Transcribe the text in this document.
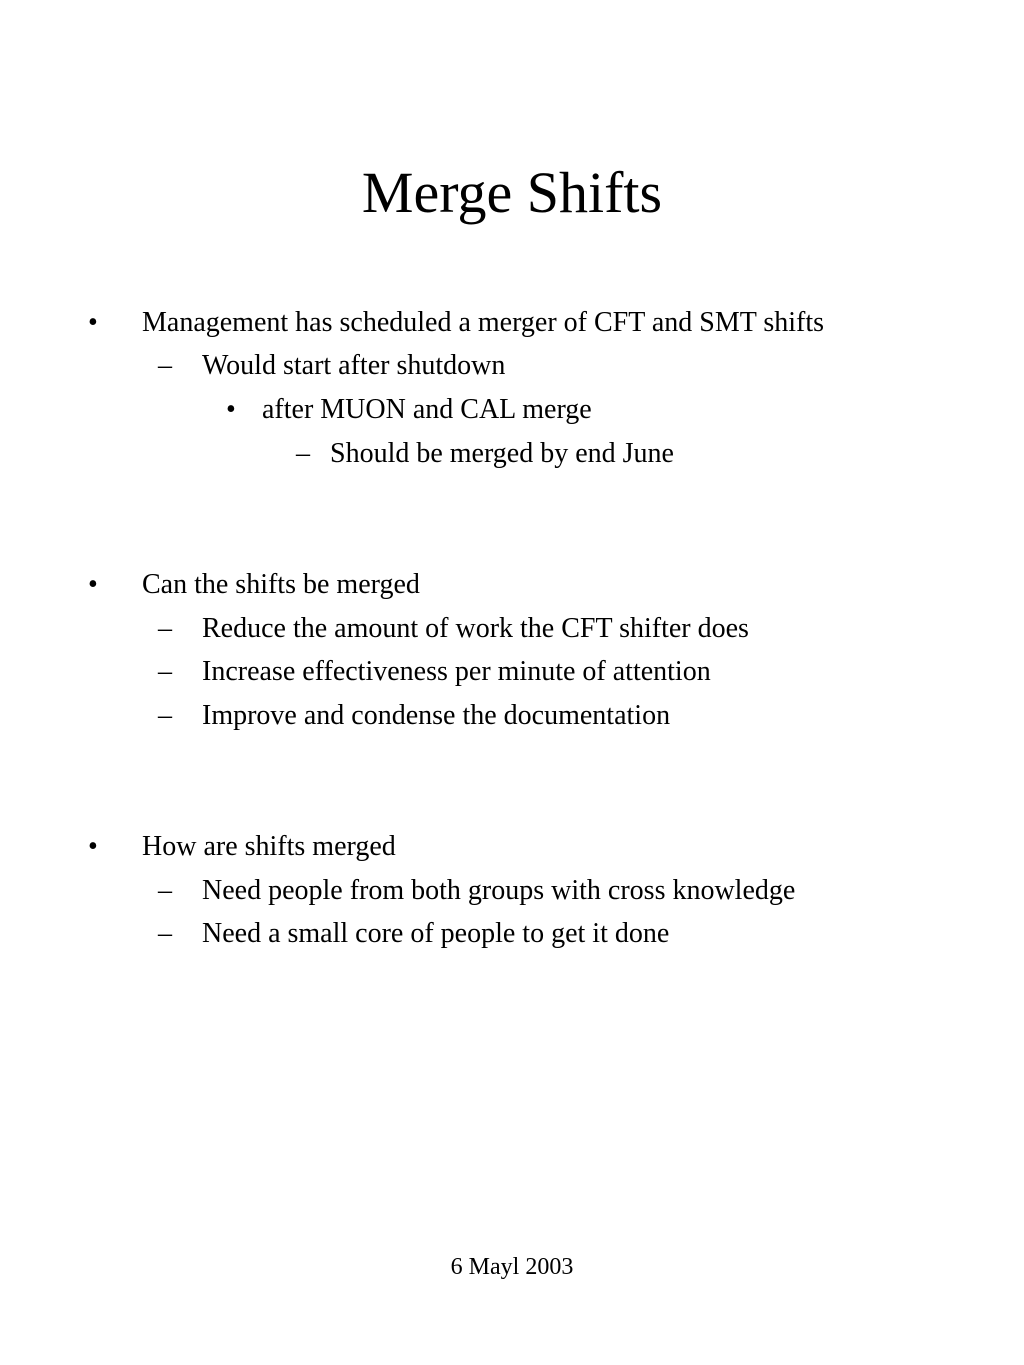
Merge Shifts
• Management has scheduled a merger of CFT and SMT shifts
– Would start after shutdown
• after MUON and CAL merge
– Should be merged by end June
• Can the shifts be merged
– Reduce the amount of work the CFT shifter does
– Increase effectiveness per minute of attention
– Improve and condense the documentation
• How are shifts merged
– Need people from both groups with cross knowledge
– Need a small core of people to get it done
6 Mayl 2003
